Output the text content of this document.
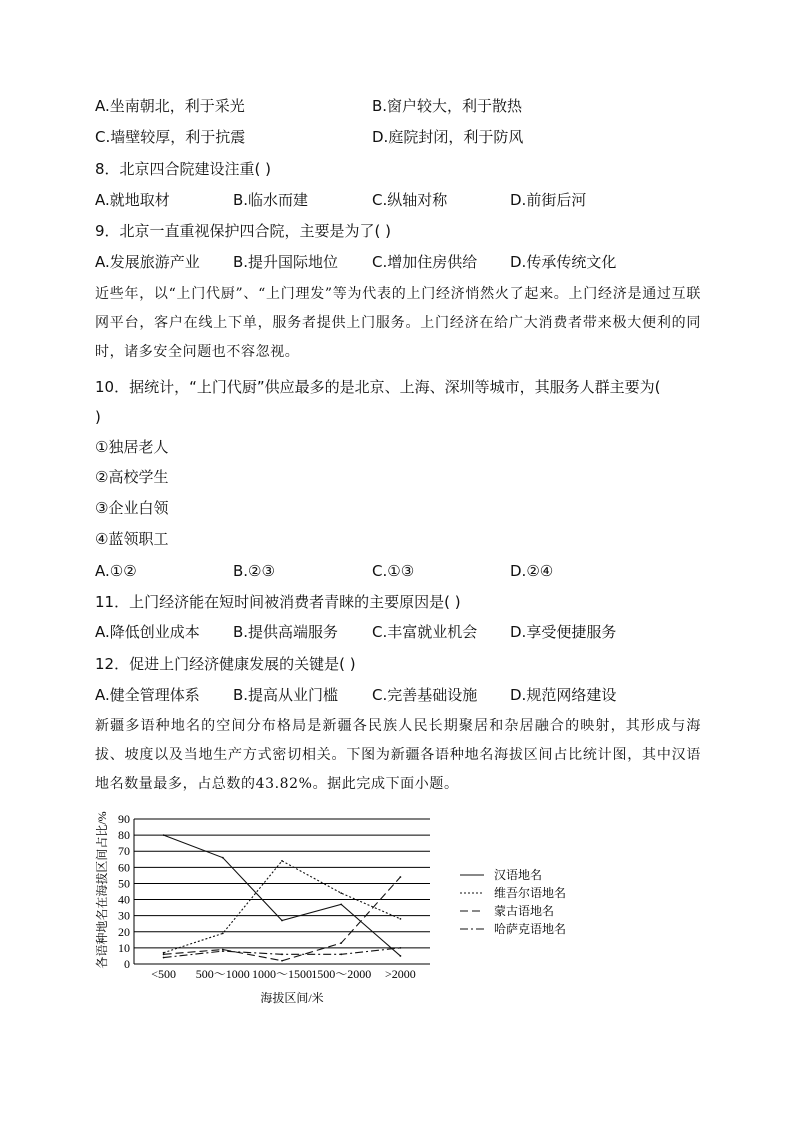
A.坐南朝北，利于采光	B.窗户较大，利于散热
C.墙壁较厚，利于抗震	D.庭院封闭，利于防风
8．北京四合院建设注重( )
A.就地取材	B.临水而建	C.纵轴对称	D.前街后河
9．北京一直重视保护四合院，主要是为了( )
A.发展旅游产业 B.提升国际地位 C.增加住房供给 D.传承传统文化
近些年，以“上门代厨”、“上门理发”等为代表的上门经济悄然火了起来。上门经济是通过互联网平台，客户在线上下单，服务者提供上门服务。上门经济在给广大消费者带来极大便利的同时，诸多安全问题也不容忽视。
10．据统计，“上门代厨”供应最多的是北京、上海、深圳等城市，其服务人群主要为(
)
①独居老人
②高校学生
③企业白领
④蓝领职工
A.①②	B.②③	C.①③	D.②④
11．上门经济能在短时间被消费者青睐的主要原因是( )
A.降低创业成本 B.提供高端服务 C.丰富就业机会 D.享受便捷服务
12．促进上门经济健康发展的关键是( )
A.健全管理体系 B.提高从业门槛 C.完善基础设施 D.规范网络建设
新疆多语种地名的空间分布格局是新疆各民族人民长期聚居和杂居融合的映射，其形成与海拔、坡度以及当地生产方式密切相关。下图为新疆各语种地名海拔区间占比统计图，其中汉语地名数量最多，占总数的43.82%。据此完成下面小题。
0
10
20
30
40
50
60
70
80
90
<500 500～1000 1000～1500 1500～2000 >2000
汉语地名
维吾尔语地名
蒙古语地名
哈萨克语地名
海拔区间/米
各语种地名在海拔区间占比/%
